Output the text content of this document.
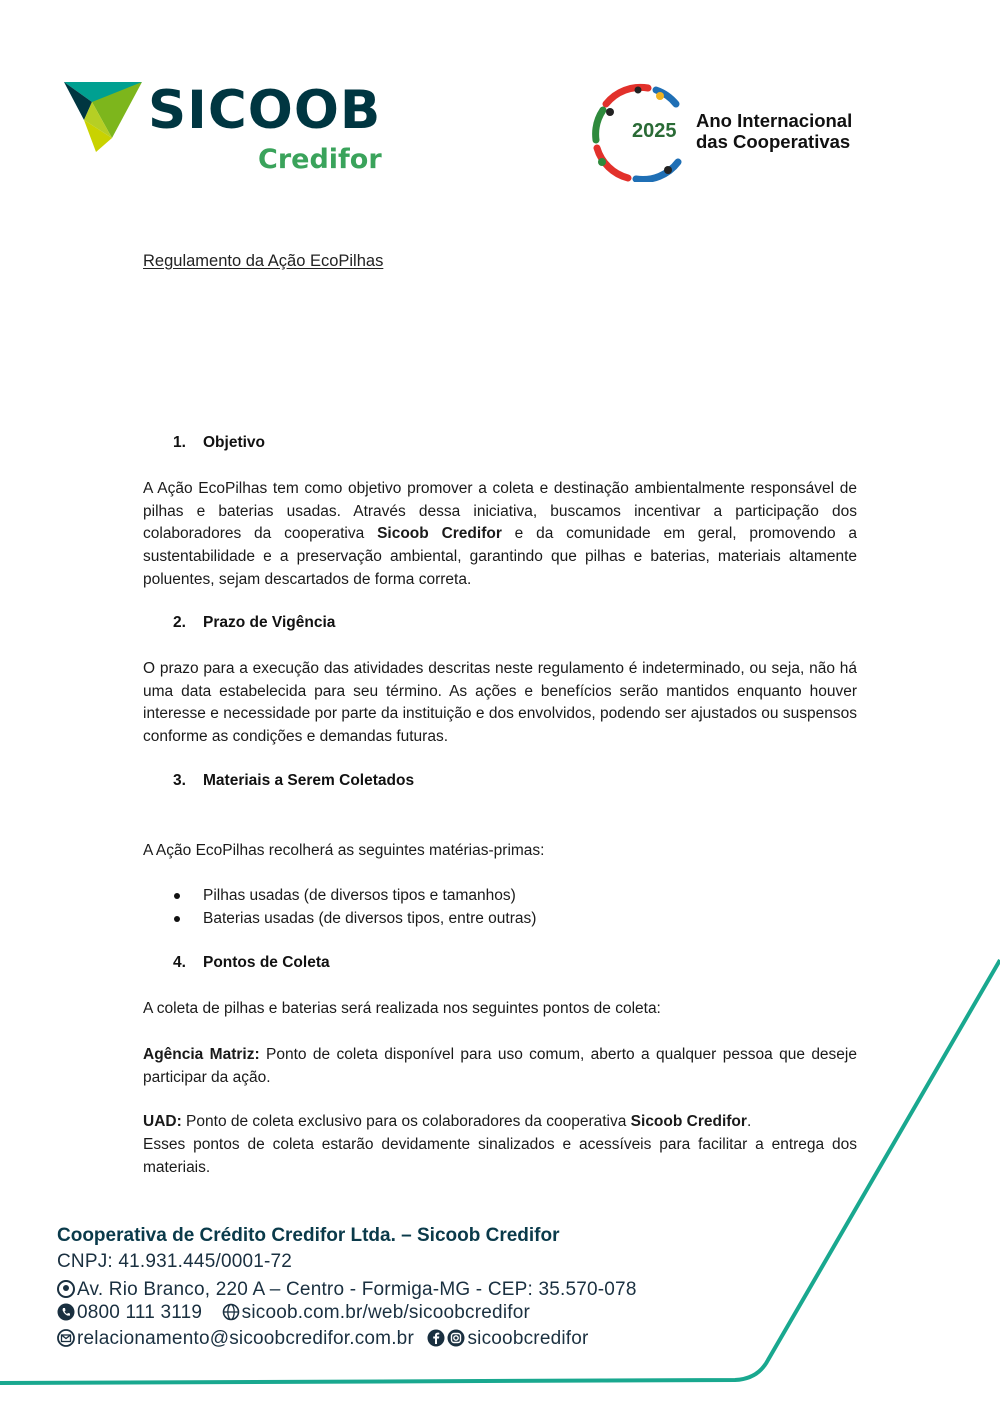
SICOOB
Credifor
2025 Ano Internacional
das Cooperativas
Regulamento da Ação EcoPilhas
1. Objetivo
A Ação EcoPilhas tem como objetivo promover a coleta e destinação ambientalmente responsável de pilhas e baterias usadas. Através dessa iniciativa, buscamos incentivar a participação dos colaboradores da cooperativa Sicoob Credifor e da comunidade em geral, promovendo a sustentabilidade e a preservação ambiental, garantindo que pilhas e baterias, materiais altamente poluentes, sejam descartados de forma correta.
2. Prazo de Vigência
O prazo para a execução das atividades descritas neste regulamento é indeterminado, ou seja, não há uma data estabelecida para seu término. As ações e benefícios serão mantidos enquanto houver interesse e necessidade por parte da instituição e dos envolvidos, podendo ser ajustados ou suspensos conforme as condições e demandas futuras.
3. Materiais a Serem Coletados
A Ação EcoPilhas recolherá as seguintes matérias-primas:
Pilhas usadas (de diversos tipos e tamanhos)
Baterias usadas (de diversos tipos, entre outras)
4. Pontos de Coleta
A coleta de pilhas e baterias será realizada nos seguintes pontos de coleta:
Agência Matriz: Ponto de coleta disponível para uso comum, aberto a qualquer pessoa que deseje participar da ação.
UAD: Ponto de coleta exclusivo para os colaboradores da cooperativa Sicoob Credifor.
Esses pontos de coleta estarão devidamente sinalizados e acessíveis para facilitar a entrega dos materiais.
Cooperativa de Crédito Credifor Ltda. – Sicoob Credifor
CNPJ: 41.931.445/0001-72
Av. Rio Branco, 220 A – Centro - Formiga-MG - CEP: 35.570-078
0800 111 3119 sicoob.com.br/web/sicoobcredifor
relacionamento@sicoobcredifor.com.br	sicoobcredifor
